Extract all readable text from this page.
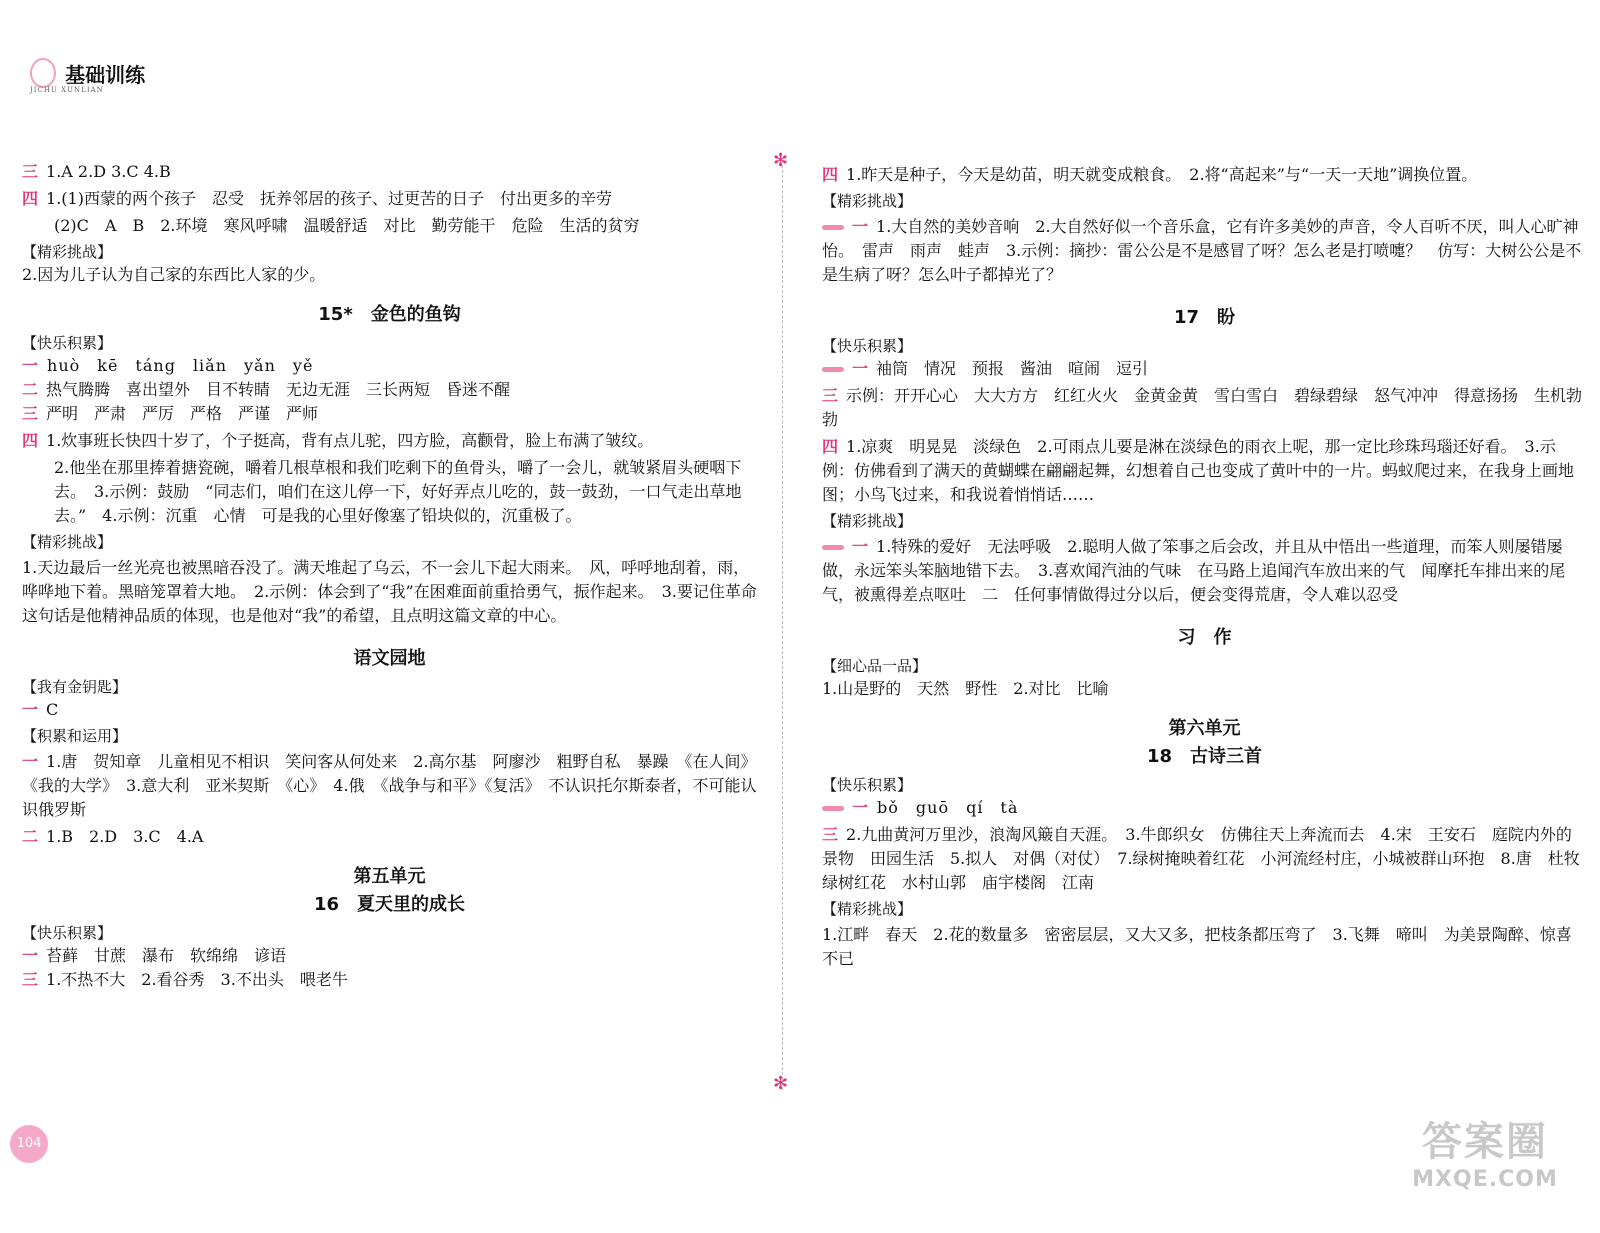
基础训练
JICHU XUNLIAN
✻
✻
三 1.A 2.D 3.C 4.B
四 1.(1)西蒙的两个孩子　忍受　抚养邻居的孩子、过更苦的日子　付出更多的辛劳
(2)C　A　B　2.环境　寒风呼啸　温暖舒适　对比　勤劳能干　危险　生活的贫穷
【精彩挑战】
2.因为儿子认为自己家的东西比人家的少。
15*　金色的鱼钩
【快乐积累】
一 huò　kē　táng　liǎn　yǎn　yě
二 热气腾腾　喜出望外　目不转睛　无边无涯　三长两短　昏迷不醒
三 严明　严肃　严厉　严格　严谨　严师
四 1.炊事班长快四十岁了，个子挺高，背有点儿驼，四方脸，高颧骨，脸上布满了皱纹。
2.他坐在那里捧着搪瓷碗，嚼着几根草根和我们吃剩下的鱼骨头，嚼了一会儿，就皱紧眉头硬咽下去。　3.示例：鼓励　“同志们，咱们在这儿停一下，好好弄点儿吃的，鼓一鼓劲，一口气走出草地去。”　4.示例：沉重　心情　可是我的心里好像塞了铅块似的，沉重极了。
【精彩挑战】
1.天边最后一丝光亮也被黑暗吞没了。满天堆起了乌云，不一会儿下起大雨来。　风，呼呼地刮着，雨，哗哗地下着。黑暗笼罩着大地。　2.示例：体会到了“我”在困难面前重拾勇气，振作起来。　3.要记住革命　这句话是他精神品质的体现，也是他对“我”的希望，且点明这篇文章的中心。
语文园地
【我有金钥匙】
一 C
【积累和运用】
一 1.唐　贺知章　儿童相见不相识　笑问客从何处来　2.高尔基　阿廖沙　粗野自私　暴躁　《在人间》《我的大学》　3.意大利　亚米契斯　《心》　4.俄　《战争与和平》《复活》　不认识托尔斯泰者，不可能认识俄罗斯
二 1.B　2.D　3.C　4.A
第五单元
16　夏天里的成长
【快乐积累】
一 苔藓　甘蔗　瀑布　软绵绵　谚语
三 1.不热不大　2.看谷秀　3.不出头　喂老牛
四 1.昨天是种子，今天是幼苗，明天就变成粮食。　2.将“高起来”与“一天一天地”调换位置。
【精彩挑战】
一 1.大自然的美妙音响　2.大自然好似一个音乐盒，它有许多美妙的声音，令人百听不厌，叫人心旷神怡。　雷声　雨声　蛙声　3.示例：摘抄：雷公公是不是感冒了呀？怎么老是打喷嚏？　仿写：大树公公是不是生病了呀？怎么叶子都掉光了？
17　盼
【快乐积累】
一 袖筒　情况　预报　酱油　喧闹　逗引
三 示例：开开心心　大大方方　红红火火　金黄金黄　雪白雪白　碧绿碧绿　怒气冲冲　得意扬扬　生机勃勃
四 1.凉爽　明晃晃　淡绿色　2.可雨点儿要是淋在淡绿色的雨衣上呢，那一定比珍珠玛瑙还好看。　3.示例：仿佛看到了满天的黄蝴蝶在翩翩起舞，幻想着自己也变成了黄叶中的一片。蚂蚁爬过来，在我身上画地图；小鸟飞过来，和我说着悄悄话……
【精彩挑战】
一 1.特殊的爱好　无法呼吸　2.聪明人做了笨事之后会改，并且从中悟出一些道理，而笨人则屡错屡做，永远笨头笨脑地错下去。　3.喜欢闻汽油的气味　在马路上追闻汽车放出来的气　闻摩托车排出来的尾气，被熏得差点呕吐　二　任何事情做得过分以后，便会变得荒唐，令人难以忍受
习　作
【细心品一品】
1.山是野的　天然　野性　2.对比　比喻
第六单元
18　古诗三首
【快乐积累】
一 bǒ　guō　qí　tà
三 2.九曲黄河万里沙，浪淘风簸自天涯。　3.牛郎织女　仿佛往天上奔流而去　4.宋　王安石　庭院内外的景物　田园生活　5.拟人　对偶（对仗）　7.绿树掩映着红花　小河流经村庄，小城被群山环抱　8.唐　杜牧　绿树红花　水村山郭　庙宇楼阁　江南
【精彩挑战】
1.江畔　春天　2.花的数量多　密密层层，又大又多，把枝条都压弯了　3.飞舞　啼叫　为美景陶醉、惊喜不已
104	答案圈
MXQE.COM
